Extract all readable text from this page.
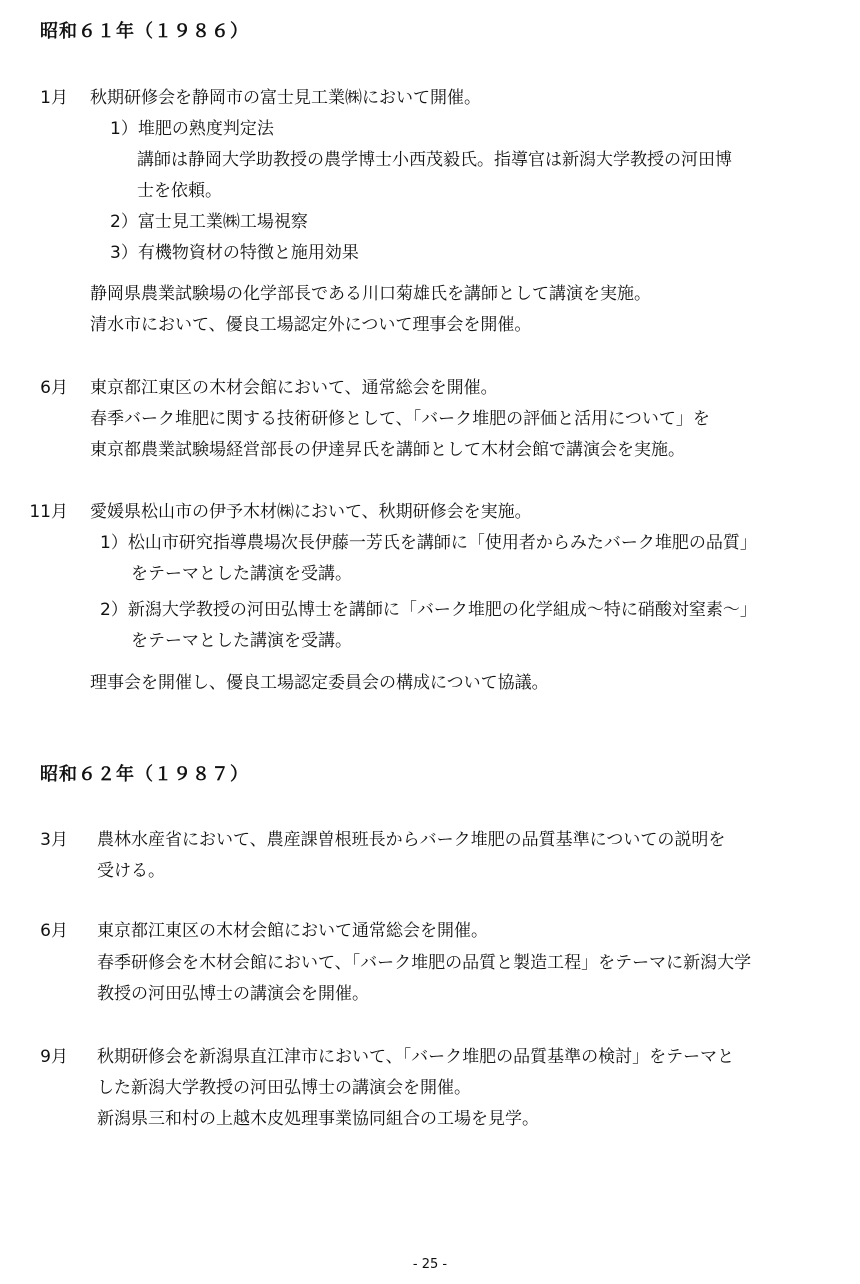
昭和６１年（１９８６）
1月 秋期研修会を静岡市の富士見工業㈱において開催。
1）堆肥の熟度判定法
講師は静岡大学助教授の農学博士小西茂毅氏。指導官は新潟大学教授の河田博
士を依頼。
2）富士見工業㈱工場視察
3）有機物資材の特徴と施用効果
静岡県農業試験場の化学部長である川口菊雄氏を講師として講演を実施。
清水市において、優良工場認定外について理事会を開催。
6月 東京都江東区の木材会館において、通常総会を開催。
春季バーク堆肥に関する技術研修として、「バーク堆肥の評価と活用について」を
東京都農業試験場経営部長の伊達昇氏を講師として木材会館で講演会を実施。
11月 愛媛県松山市の伊予木材㈱において、秋期研修会を実施。
1）松山市研究指導農場次長伊藤一芳氏を講師に「使用者からみたバーク堆肥の品質」
をテーマとした講演を受講。
2）新潟大学教授の河田弘博士を講師に「バーク堆肥の化学組成〜特に硝酸対窒素〜」
をテーマとした講演を受講。
理事会を開催し、優良工場認定委員会の構成について協議。
昭和６２年（１９８７）
3月 農林水産省において、農産課曽根班長からバーク堆肥の品質基準についての説明を
受ける。
6月 東京都江東区の木材会館において通常総会を開催。
春季研修会を木材会館において、「バーク堆肥の品質と製造工程」をテーマに新潟大学
教授の河田弘博士の講演会を開催。
9月 秋期研修会を新潟県直江津市において、「バーク堆肥の品質基準の検討」をテーマと
した新潟大学教授の河田弘博士の講演会を開催。
新潟県三和村の上越木皮処理事業協同組合の工場を見学。
- 25 -
